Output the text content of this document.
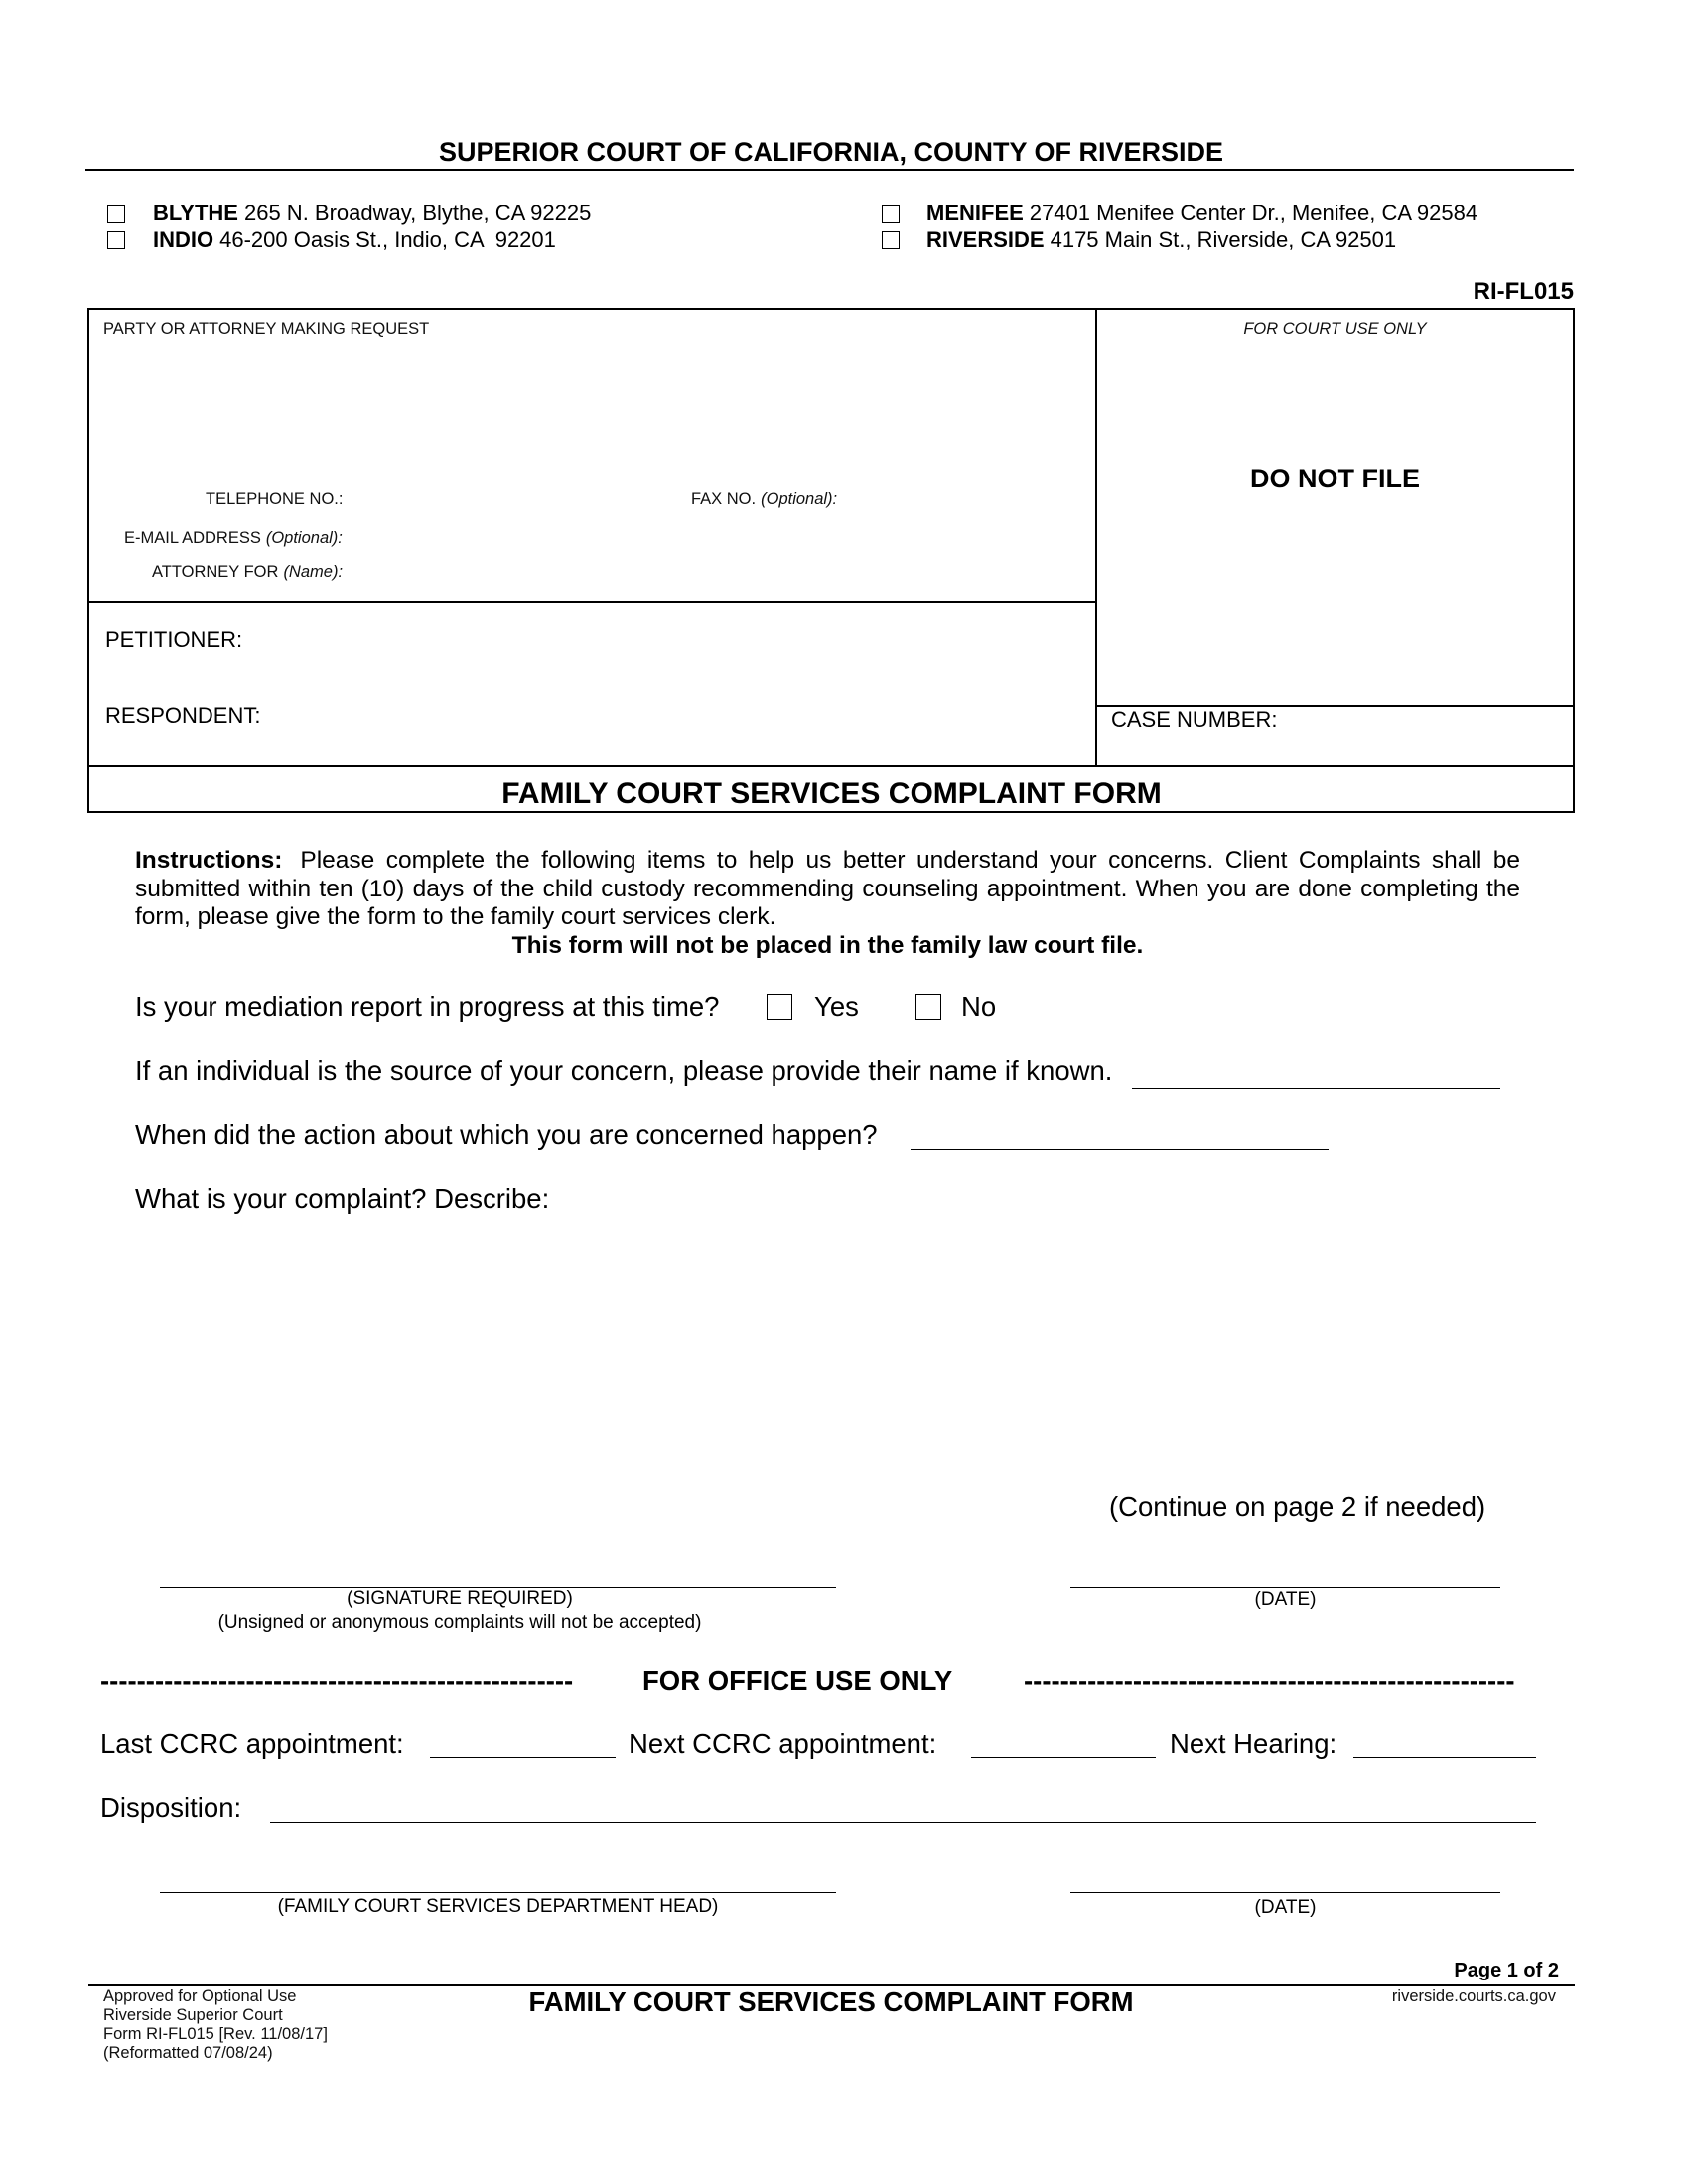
SUPERIOR COURT OF CALIFORNIA, COUNTY OF RIVERSIDE
BLYTHE 265 N. Broadway, Blythe, CA 92225
INDIO 46-200 Oasis St., Indio, CA  92201
MENIFEE 27401 Menifee Center Dr., Menifee, CA 92584
RIVERSIDE 4175 Main St., Riverside, CA 92501
RI-FL015
PARTY OR ATTORNEY MAKING REQUEST	FOR COURT USE ONLY
TELEPHONE NO.:	FAX NO. (Optional):
E-MAIL ADDRESS (Optional):
ATTORNEY FOR (Name):
DO NOT FILE
PETITIONER:
RESPONDENT:	CASE NUMBER:
FAMILY COURT SERVICES COMPLAINT FORM
Instructions: Please complete the following items to help us better understand your concerns. Client Complaints shall be
submitted within ten (10) days of the child custody recommending counseling appointment. When you are done completing the
form, please give the form to the family court services clerk.
This form will not be placed in the family law court file.
Is your mediation report in progress at this time?	Yes	No
If an individual is the source of your concern, please provide their name if known.
When did the action about which you are concerned happen?
What is your complaint? Describe:
(Continue on page 2 if needed)
(SIGNATURE REQUIRED)
(Unsigned or anonymous complaints will not be accepted)
(DATE)
----------------------------------------------------	FOR OFFICE USE ONLY	------------------------------------------------------
Last CCRC appointment:	Next CCRC appointment:	Next Hearing:
Disposition:
(FAMILY COURT SERVICES DEPARTMENT HEAD)	(DATE)
Page 1 of 2
Approved for Optional Use
Riverside Superior Court
Form RI-FL015 [Rev. 11/08/17]
(Reformatted 07/08/24)
FAMILY COURT SERVICES COMPLAINT FORM	riverside.courts.ca.gov
